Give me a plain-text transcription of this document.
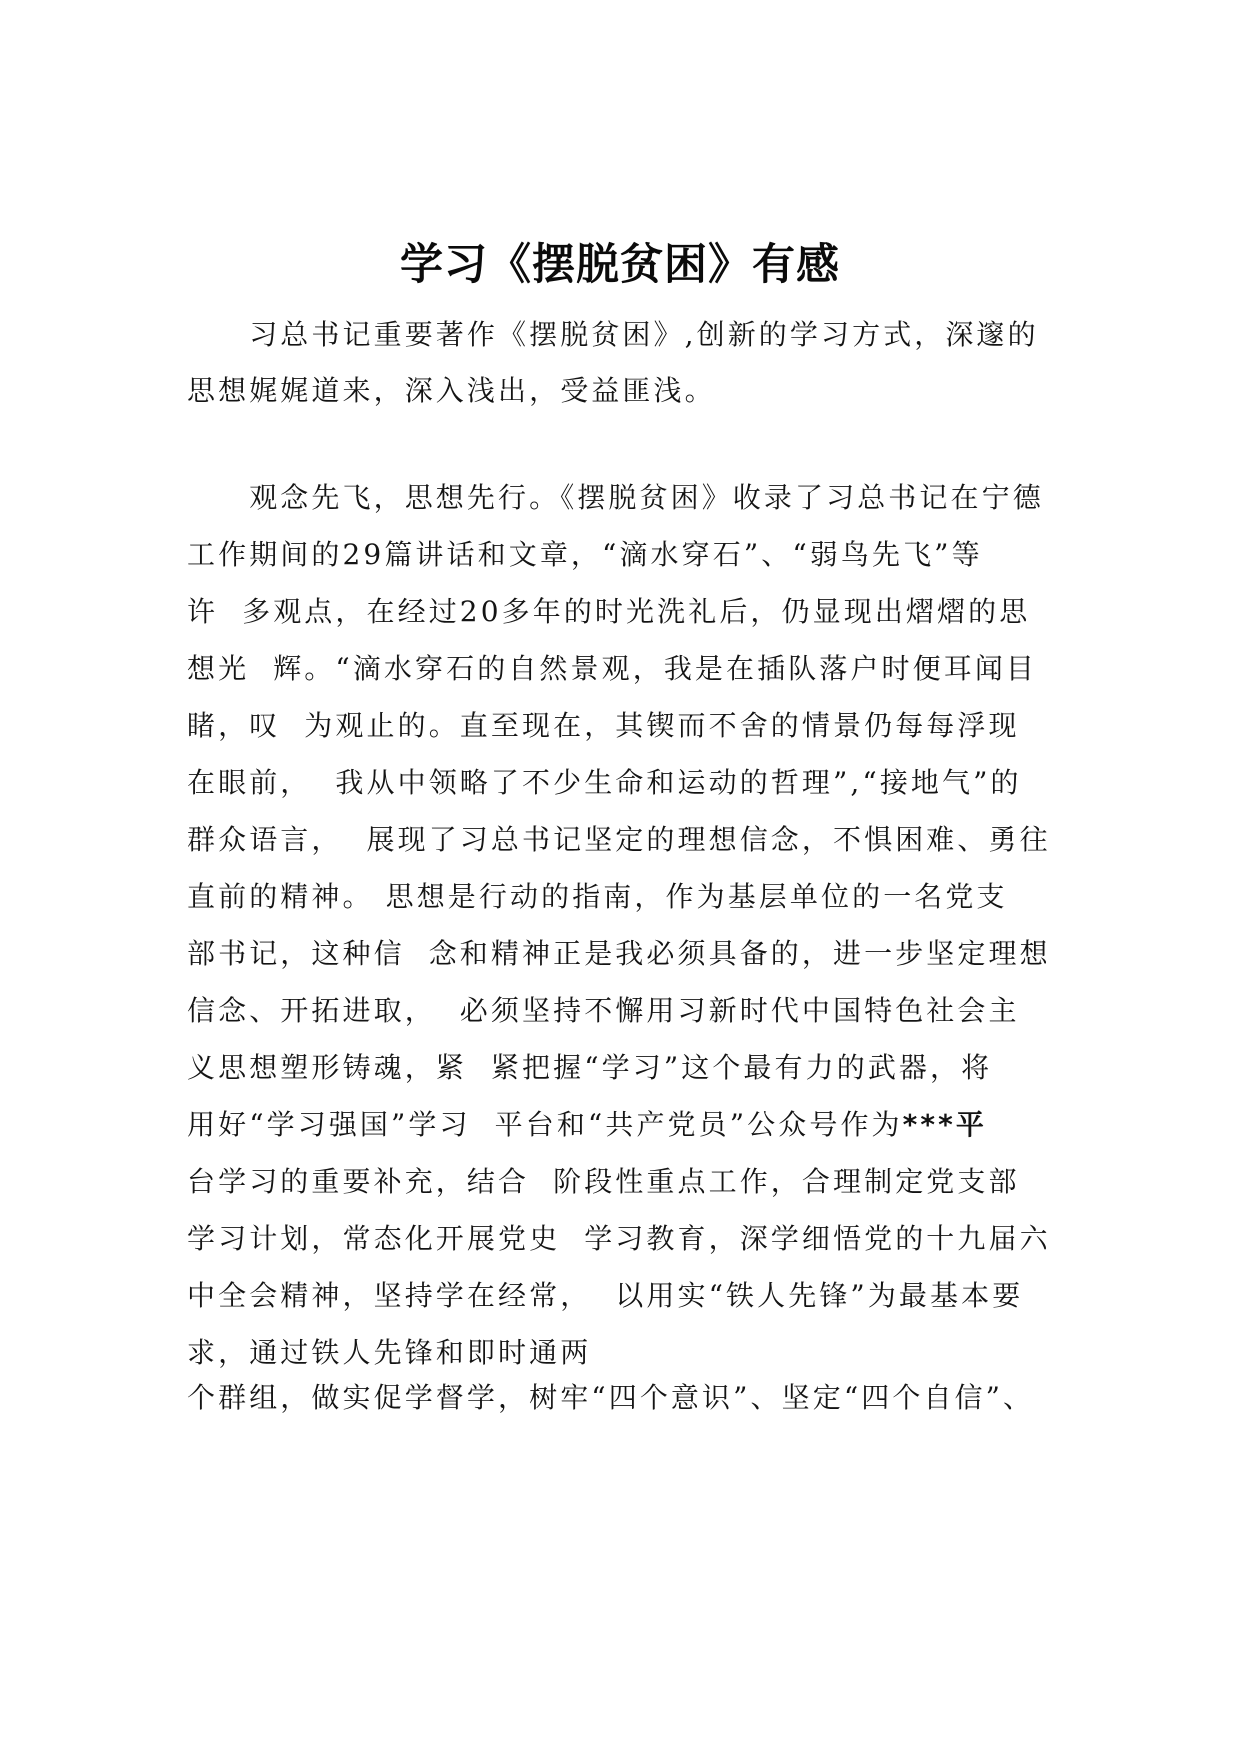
学习《摆脱贫困》有感
　　习总书记重要著作《摆脱贫困》,创新的学习方式，深邃的
思想娓娓道来，深入浅出，受益匪浅。
　　观念先飞，思想先行。《摆脱贫困》收录了习总书记在宁德
工作期间的29篇讲话和文章，“滴水穿石”、“弱鸟先飞”等
许  多观点，在经过20多年的时光洗礼后，仍显现出熠熠的思
想光  辉。“滴水穿石的自然景观，我是在插队落户时便耳闻目
睹，叹  为观止的。直至现在，其锲而不舍的情景仍每每浮现
在眼前，  我从中领略了不少生命和运动的哲理”,“接地气”的
群众语言，  展现了习总书记坚定的理想信念，不惧困难、勇往
直前的精神。 思想是行动的指南，作为基层单位的一名党支
部书记，这种信  念和精神正是我必须具备的，进一步坚定理想
信念、开拓进取，  必须坚持不懈用习新时代中国特色社会主
义思想塑形铸魂，紧  紧把握“学习”这个最有力的武器，将
用好“学习强国”学习  平台和“共产党员”公众号作为***平
台学习的重要补充，结合  阶段性重点工作，合理制定党支部
学习计划，常态化开展党史  学习教育，深学细悟党的十九届六
中全会精神，坚持学在经常，  以用实“铁人先锋”为最基本要
求，通过铁人先锋和即时通两
个群组，做实促学督学，树牢“四个意识”、坚定“四个自信”、
